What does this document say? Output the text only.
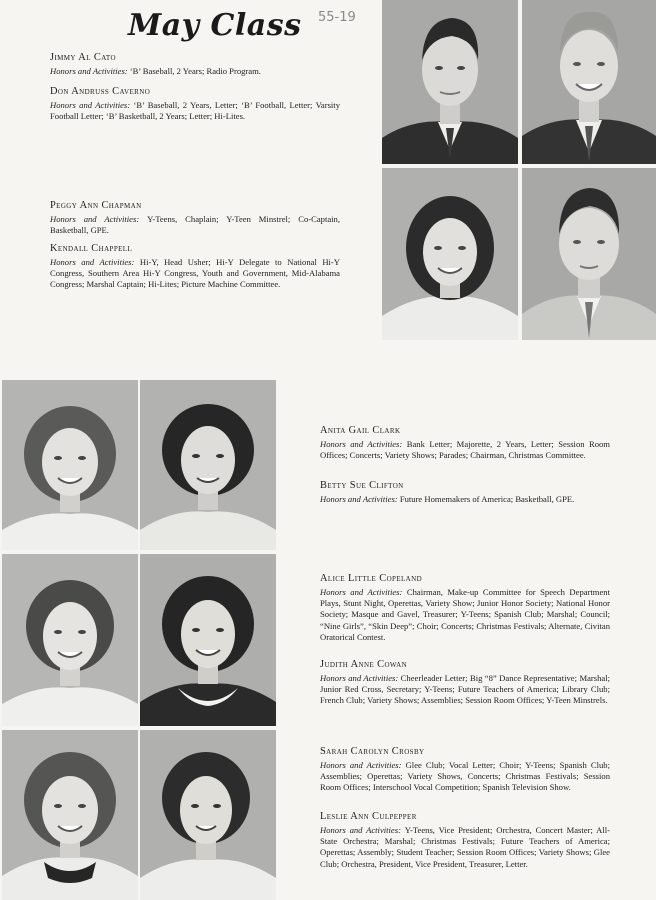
May Class 55-19
Jimmy Al Cato
Honors and Activities: ‘B’ Baseball, 2 Years; Radio Program.
Don Andruss Caverno
Honors and Activities: ‘B’ Baseball, 2 Years, Letter; ‘B’ Football, Letter; Varsity Football Letter; ‘B’ Basketball, 2 Years; Letter; Hi-Lites.
Peggy Ann Chapman
Honors and Activities: Y-Teens, Chaplain; Y-Teen Minstrel; Co-Captain, Basketball, GPE.
Kendall Chappell
Honors and Activities: Hi-Y, Head Usher; Hi-Y Delegate to National Hi-Y Congress, Southern Area Hi-Y Congress, Youth and Government, Mid-Alabama Congress; Marshal Captain; Hi-Lites; Picture Machine Committee.
Anita Gail Clark
Honors and Activities: Bank Letter; Majorette, 2 Years, Letter; Session Room Offices; Concerts; Variety Shows; Parades; Chairman, Christmas Committee.
Betty Sue Clifton
Honors and Activities: Future Homemakers of America; Basketball, GPE.
Alice Little Copeland
Honors and Activities: Chairman, Make-up Committee for Speech Department Plays, Stunt Night, Operettas, Variety Show; Junior Honor Society; National Honor Society; Masque and Gavel, Treasurer; Y-Teens; Spanish Club; Marshal; Council; “Nine Girls”, “Skin Deep”; Choir; Concerts; Christmas Festivals; Alternate, Civitan Oratorical Contest.
Judith Anne Cowan
Honors and Activities: Cheerleader Letter; Big “8” Dance Representative; Marshal; Junior Red Cross, Secretary; Y-Teens; Future Teachers of America; Library Club; French Club; Variety Shows; Assemblies; Session Room Offices; Y-Teen Minstrels.
Sarah Carolyn Crosby
Honors and Activities: Glee Club; Vocal Letter; Choir; Y-Teens; Spanish Club; Assemblies; Operettas; Variety Shows, Concerts; Christmas Festivals; Session Room Offices; Interschool Vocal Competition; Spanish Television Show.
Leslie Ann Culpepper
Honors and Activities: Y-Teens, Vice President; Orchestra, Concert Master; All-State Orchestra; Marshal; Christmas Festivals; Future Teachers of America; Operettas; Assembly; Student Teacher; Session Room Offices; Variety Shows; Glee Club; Orchestra, President, Vice President, Treasurer, Letter.
